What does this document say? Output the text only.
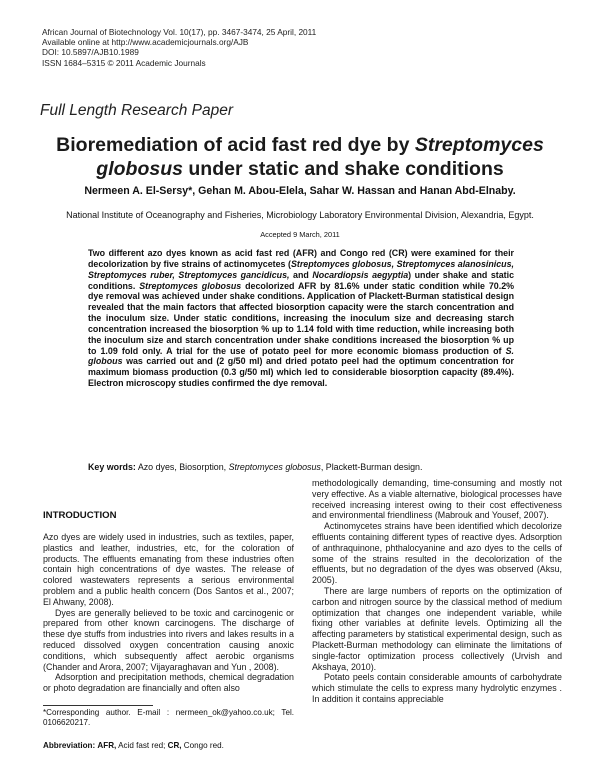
African Journal of Biotechnology Vol. 10(17), pp. 3467-3474, 25 April, 2011
Available online at http://www.academicjournals.org/AJB
DOI: 10.5897/AJB10.1989
ISSN 1684–5315 © 2011 Academic Journals
Full Length Research Paper
Bioremediation of acid fast red dye by Streptomyces globosus under static and shake conditions
Nermeen A. El-Sersy*, Gehan M. Abou-Elela, Sahar W. Hassan and Hanan Abd-Elnaby.
National Institute of Oceanography and Fisheries, Microbiology Laboratory Environmental Division, Alexandria, Egypt.
Accepted 9 March, 2011
Two different azo dyes known as acid fast red (AFR) and Congo red (CR) were examined for their decolorization by five strains of actinomycetes (Streptomyces globosus, Streptomyces alanosinicus, Streptomyces ruber, Streptomyces gancidicus, and Nocardiopsis aegyptia) under shake and static conditions. Streptomyces globosus decolorized AFR by 81.6% under static condition while 70.2% dye removal was achieved under shake conditions. Application of Plackett-Burman statistical design revealed that the main factors that affected biosorption capacity were the starch concentration and the inoculum size. Under static conditions, increasing the inoculum size and decreasing starch concentration increased the biosorption % up to 1.14 fold with time reduction, while increasing both the inoculum size and starch concentration under shake conditions increased the biosorption % up to 1.09 fold only. A trial for the use of potato peel for more economic biomass production of S. globous was carried out and (2 g/50 ml) and dried potato peel had the optimum concentration for maximum biomass production (0.3 g/50 ml) which led to considerable biosorption capacity (89.4%). Electron microscopy studies confirmed the dye removal.
Key words: Azo dyes, Biosorption, Streptomyces globosus, Plackett-Burman design.
INTRODUCTION

Azo dyes are widely used in industries, such as textiles, paper, plastics and leather, industries, etc, for the coloration of products. The effluents emanating from these industries often contain high concentrations of dye wastes. The release of colored wastewaters represents a serious environmental problem and a public health concern (Dos Santos et al., 2007; El Ahwany, 2008).

Dyes are generally believed to be toxic and carcinogenic or prepared from other known carcinogens. The discharge of these dye stuffs from industries into rivers and lakes results in a reduced dissolved oxygen concentration causing anoxic conditions, which subsequently affect aerobic organisms (Chander and Arora, 2007; Vijayaraghavan and Yun , 2008).

Adsorption and precipitation methods, chemical degradation or photo degradation are financially and often also

*Corresponding author. E-mail : nermeen_ok@yahoo.co.uk; Tel. 0106620217.
Abbreviation: AFR, Acid fast red; CR, Congo red.

methodologically demanding, time-consuming and mostly not very effective. As a viable alternative, biological processes have received increasing interest owing to their cost effectiveness and environmental friendliness (Mabrouk and Yousef, 2007).

Actinomycetes strains have been identified which decolorize effluents containing different types of reactive dyes. Adsorption of anthraquinone, phthalocyanine and azo dyes to the cells of some of the strains resulted in the decolorization of the effluents, but no degradation of the dyes was observed (Aksu, 2005).

There are large numbers of reports on the optimization of carbon and nitrogen source by the classical method of medium optimization that changes one independent variable, while fixing other variables at definite levels. Optimizing all the affecting parameters by statistical experimental design, such as Plackett-Burman methodology can eliminate the limitations of single-factor optimization process collectively (Urvish and Akshaya, 2010).

Potato peels contain considerable amounts of carbohydrate which stimulate the cells to express many hydrolytic enzymes . In addition it contains appreciable
